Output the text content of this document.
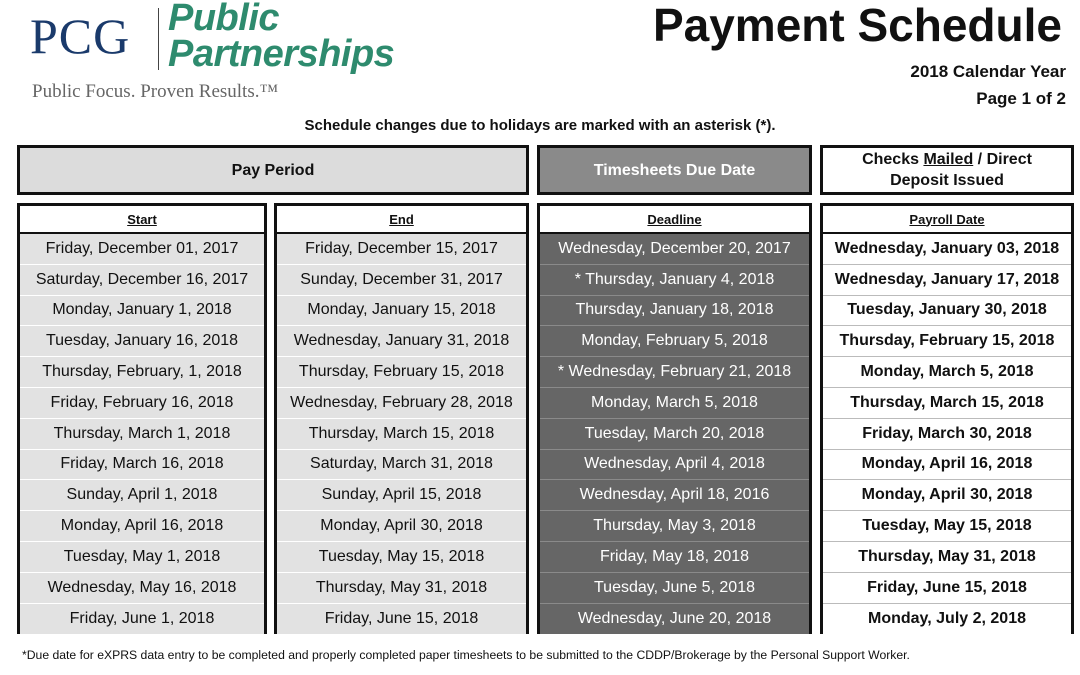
PCG Public
Partnerships
Public Focus. Proven Results.™
Payment Schedule
2018 Calendar Year
Page 1 of 2
Schedule changes due to holidays are marked with an asterisk (*).
Pay Period	Timesheets Due Date
Checks Mailed / Direct
Deposit Issued
Start
Friday, December 01, 2017
Saturday, December 16, 2017
Monday, January 1, 2018
Tuesday, January 16, 2018
Thursday, February, 1, 2018
Friday, February 16, 2018
Thursday, March 1, 2018
Friday, March 16, 2018
Sunday, April 1, 2018
Monday, April 16, 2018
Tuesday, May 1, 2018
Wednesday, May 16, 2018
Friday, June 1, 2018
End
Friday, December 15, 2017
Sunday, December 31, 2017
Monday, January 15, 2018
Wednesday, January 31, 2018
Thursday, February 15, 2018
Wednesday, February 28, 2018
Thursday, March 15, 2018
Saturday, March 31, 2018
Sunday, April 15, 2018
Monday, April 30, 2018
Tuesday, May 15, 2018
Thursday, May 31, 2018
Friday, June 15, 2018
Deadline
Wednesday, December 20, 2017
* Thursday, January 4, 2018
Thursday, January 18, 2018
Monday, February 5, 2018
* Wednesday, February 21, 2018
Monday, March 5, 2018
Tuesday, March 20, 2018
Wednesday, April 4, 2018
Wednesday, April 18, 2016
Thursday, May 3, 2018
Friday, May 18, 2018
Tuesday, June 5, 2018
Wednesday, June 20, 2018
Payroll Date
Wednesday, January 03, 2018
Wednesday, January 17, 2018
Tuesday, January 30, 2018
Thursday, February 15, 2018
Monday, March 5, 2018
Thursday, March 15, 2018
Friday, March 30, 2018
Monday, April 16, 2018
Monday, April 30, 2018
Tuesday, May 15, 2018
Thursday, May 31, 2018
Friday, June 15, 2018
Monday, July 2, 2018
*Due date for eXPRS data entry to be completed and properly completed paper timesheets to be submitted to the CDDP/Brokerage by the Personal Support Worker.
